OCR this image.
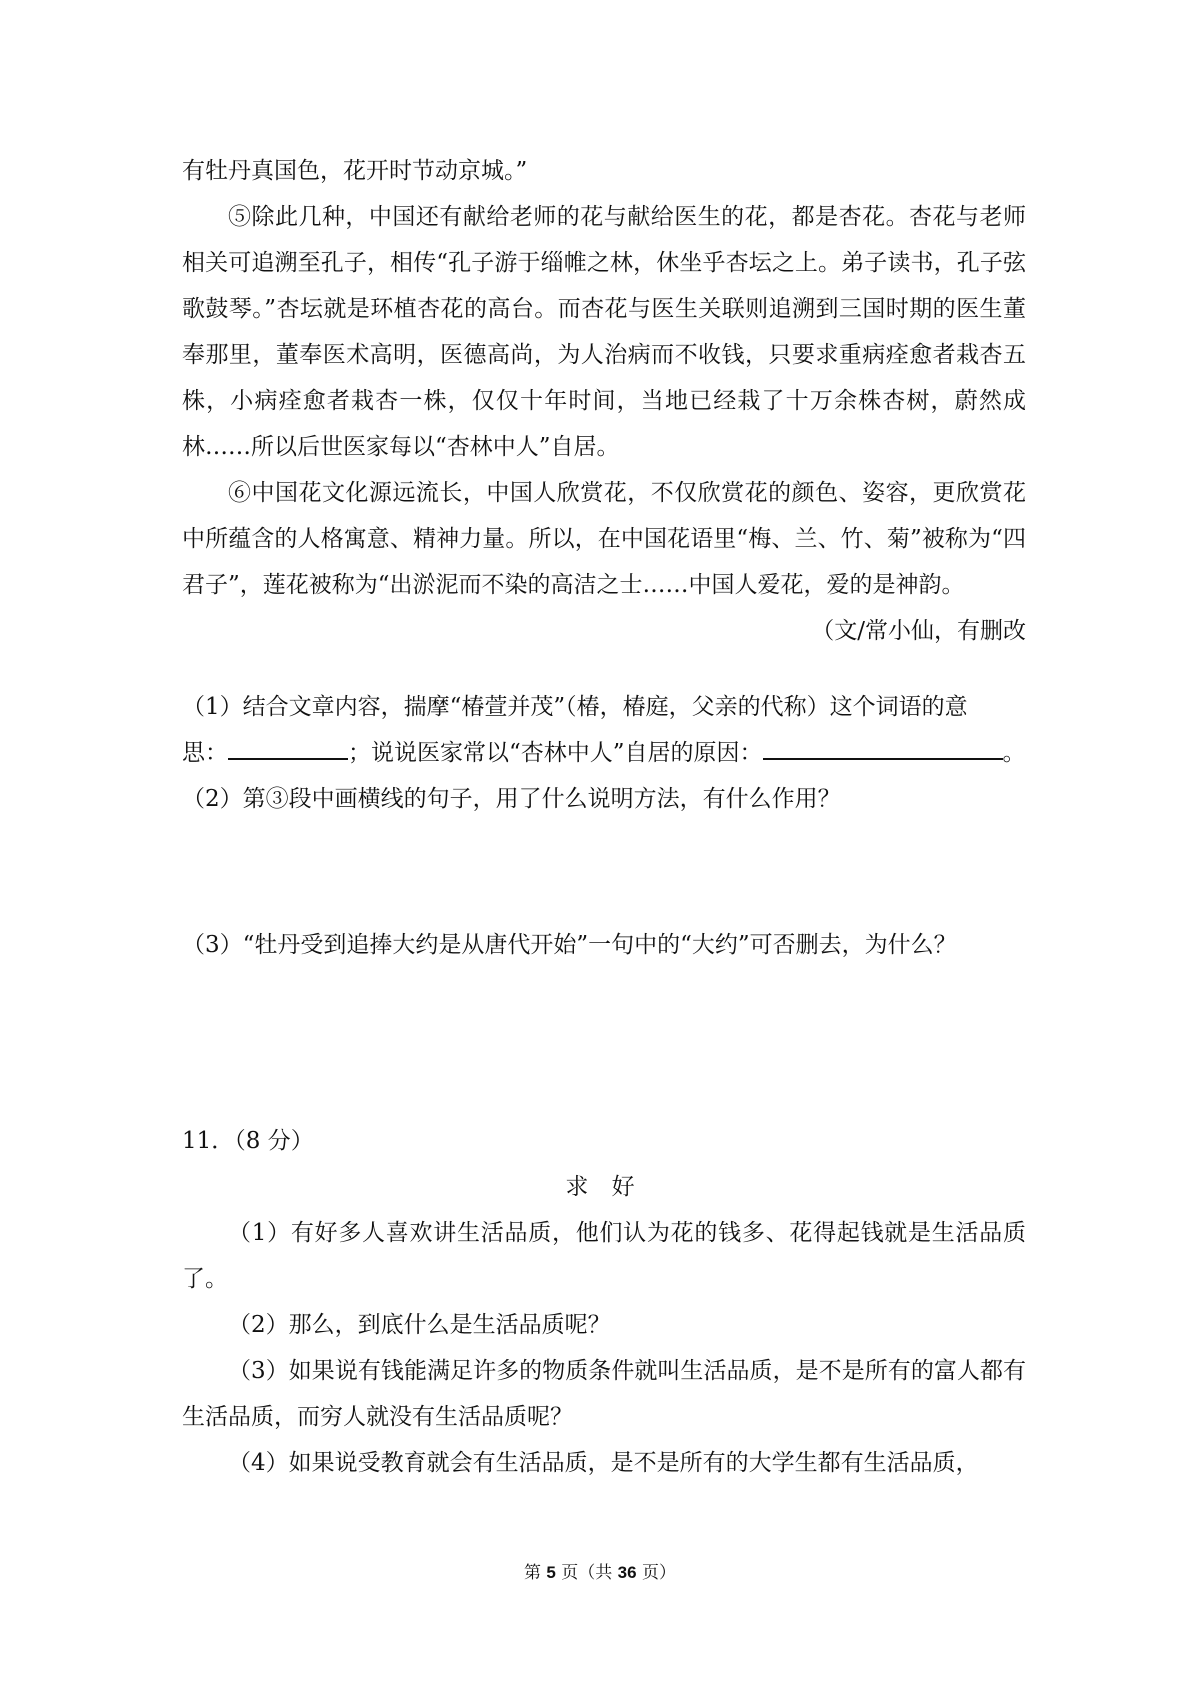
有牡丹真国色，花开时节动京城。”

⑤除此几种，中国还有献给老师的花与献给医生的花，都是杏花。杏花与老师相关可追溯至孔子，相传“孔子游于缁帷之林，休坐乎杏坛之上。弟子读书，孔子弦歌鼓琴。”杏坛就是环植杏花的高台。而杏花与医生关联则追溯到三国时期的医生董奉那里，董奉医术高明，医德高尚，为人治病而不收钱，只要求重病痊愈者栽杏五株，小病痊愈者栽杏一株，仅仅十年时间，当地已经栽了十万余株杏树，蔚然成林……所以后世医家每以“杏林中人”自居。

⑥中国花文化源远流长，中国人欣赏花，不仅欣赏花的颜色、姿容，更欣赏花中所蕴含的人格寓意、精神力量。所以，在中国花语里“梅、兰、竹、菊”被称为“四君子”，莲花被称为“出淤泥而不染的高洁之士……中国人爱花，爱的是神韵。

（文/常小仙，有删改

（1）结合文章内容，揣摩“椿萱并茂”（椿，椿庭，父亲的代称）这个词语的意

思：	；说说医家常以“杏林中人”自居的原因：	。

（2）第③段中画横线的句子，用了什么说明方法，有什么作用？

（3）“牡丹受到追捧大约是从唐代开始”一句中的“大约”可否删去，为什么？

11．（8 分）

求 好

（1）有好多人喜欢讲生活品质，他们认为花的钱多、花得起钱就是生活品质了。

（2）那么，到底什么是生活品质呢？

（3）如果说有钱能满足许多的物质条件就叫生活品质，是不是所有的富人都有生活品质，而穷人就没有生活品质呢？

（4）如果说受教育就会有生活品质，是不是所有的大学生都有生活品质，

第 5 页（共 36 页）
